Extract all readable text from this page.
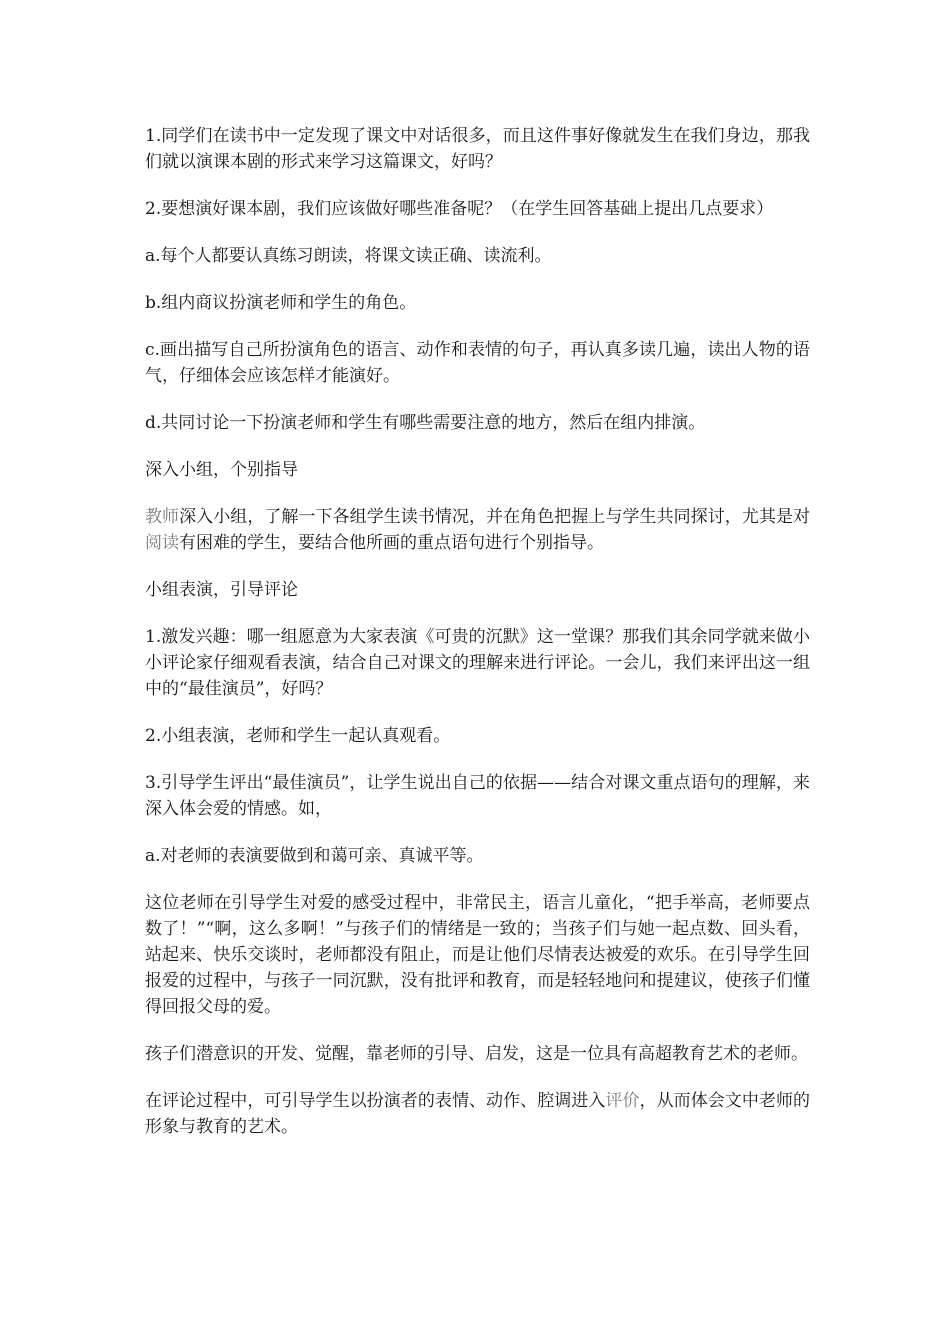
1.同学们在读书中一定发现了课文中对话很多，而且这件事好像就发生在我们身边，那我们就以演课本剧的形式来学习这篇课文，好吗？

2.要想演好课本剧，我们应该做好哪些准备呢？（在学生回答基础上提出几点要求）

a.每个人都要认真练习朗读，将课文读正确、读流利。

b.组内商议扮演老师和学生的角色。

c.画出描写自己所扮演角色的语言、动作和表情的句子，再认真多读几遍，读出人物的语气，仔细体会应该怎样才能演好。

d.共同讨论一下扮演老师和学生有哪些需要注意的地方，然后在组内排演。

深入小组，个别指导

教师深入小组，了解一下各组学生读书情况，并在角色把握上与学生共同探讨，尤其是对阅读有困难的学生，要结合他所画的重点语句进行个别指导。

小组表演，引导评论

1.激发兴趣：哪一组愿意为大家表演《可贵的沉默》这一堂课？那我们其余同学就来做小小评论家仔细观看表演，结合自己对课文的理解来进行评论。一会儿，我们来评出这一组中的“最佳演员”，好吗？

2.小组表演，老师和学生一起认真观看。

3.引导学生评出“最佳演员”，让学生说出自己的依据——结合对课文重点语句的理解，来深入体会爱的情感。如，

a.对老师的表演要做到和蔼可亲、真诚平等。

这位老师在引导学生对爱的感受过程中，非常民主，语言儿童化，“把手举高，老师要点数了！”“啊，这么多啊！”与孩子们的情绪是一致的；当孩子们与她一起点数、回头看，站起来、快乐交谈时，老师都没有阻止，而是让他们尽情表达被爱的欢乐。在引导学生回报爱的过程中，与孩子一同沉默，没有批评和教育，而是轻轻地问和提建议，使孩子们懂得回报父母的爱。

孩子们潜意识的开发、觉醒，靠老师的引导、启发，这是一位具有高超教育艺术的老师。

在评论过程中，可引导学生以扮演者的表情、动作、腔调进入评价，从而体会文中老师的形象与教育的艺术。
